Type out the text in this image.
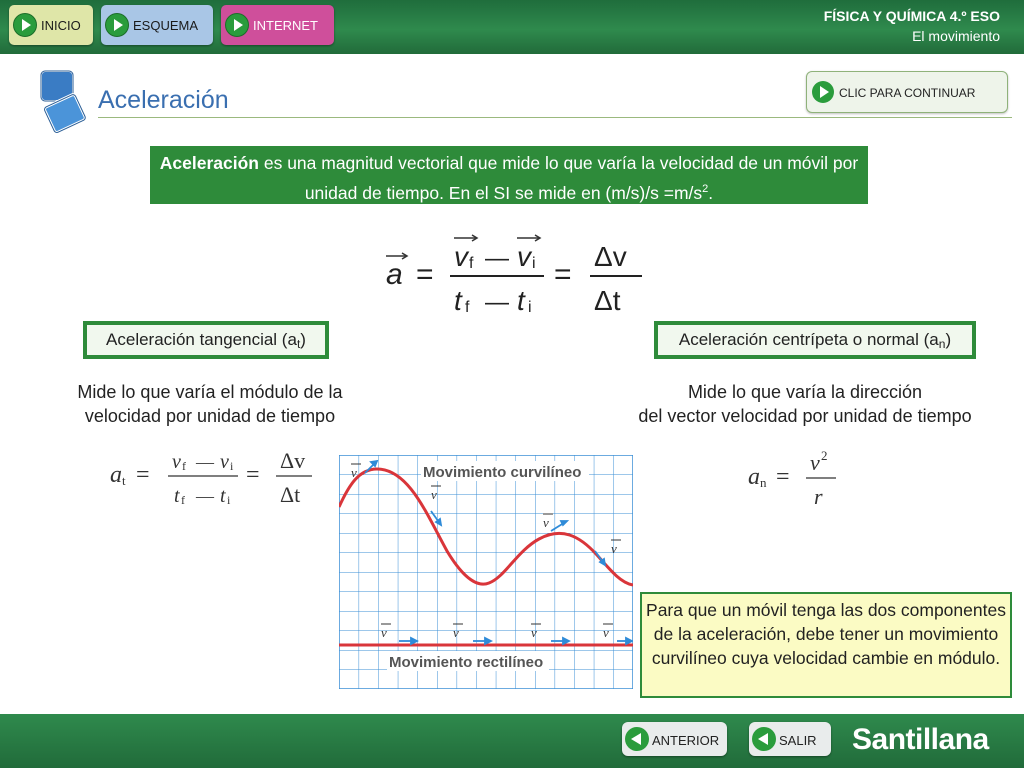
INICIO	ESQUEMA	INTERNET
FÍSICA Y QUÍMICA 4.º ESO
El movimiento
Aceleración	CLIC PARA CONTINUAR
Aceleración es una magnitud vectorial que mide lo que varía la velocidad de un móvil por unidad de tiempo. En el SI se mide en $(m/s)/s =m/s^2$.
a =
v f — v i
t f — t i
=
Δv
Δt
Aceleración tangencial $(a_t)$	Aceleración centrípeta o normal $(a_n)$
Mide lo que varía el módulo de la velocidad por unidad de tiempo
Mide lo que varía la dirección
del vector velocidad por unidad de tiempo
a t = v f — v i
t f — t i
=
Δv
Δt
a n =
v 2
r
Movimiento curvilíneo
Movimiento rectilíneo
v
v
v
v
v	v	v	v
Para que un móvil tenga las dos componentes de la aceleración, debe tener un movimiento curvilíneo cuya velocidad cambie en módulo.
ANTERIOR	SALIR Santillana
